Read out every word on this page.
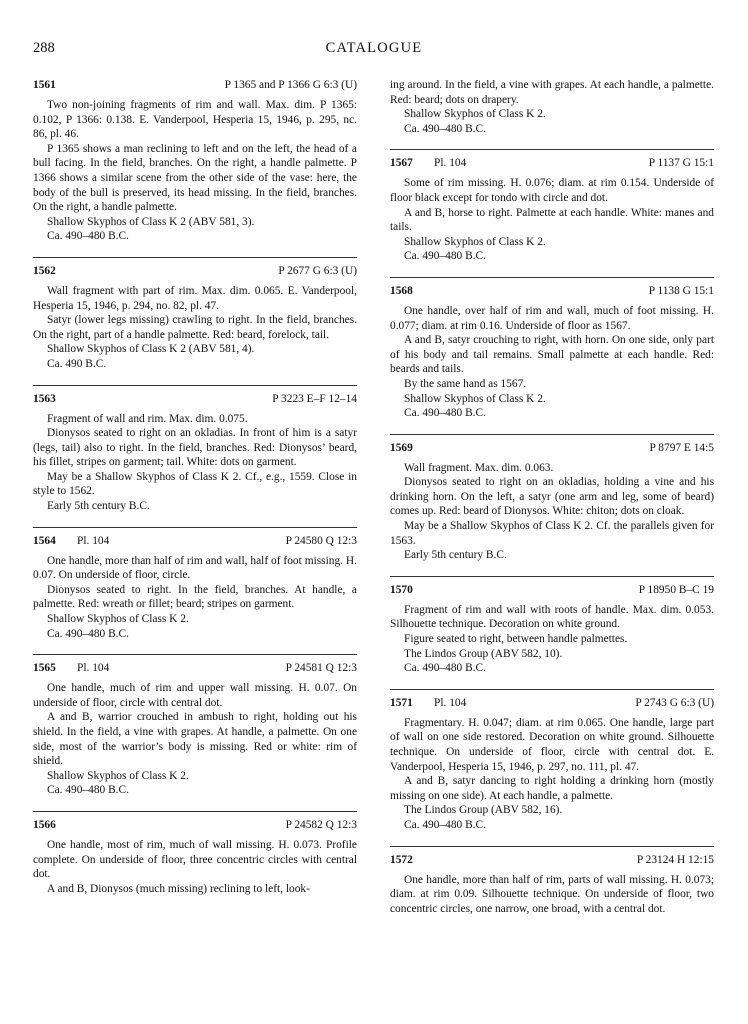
288	CATALOGUE
1561	P 1365 and P 1366 G 6:3 (U)

Two non-joining fragments of rim and wall. Max. dim. P 1365: 0.102, P 1366: 0.138. E. Vanderpool, Hesperia 15, 1946, p. 295, nc. 86, pl. 46.

P 1365 shows a man reclining to left and on the left, the head of a bull facing. In the field, branches. On the right, a handle palmette. P 1366 shows a similar scene from the other side of the vase: here, the body of the bull is preserved, its head missing. In the field, branches. On the right, a handle palmette.

Shallow Skyphos of Class K 2 (ABV 581, 3).

Ca. 490–480 B.C.

1562	P 2677 G 6:3 (U)

Wall fragment with part of rim. Max. dim. 0.065. E. Vanderpool, Hesperia 15, 1946, p. 294, no. 82, pl. 47.

Satyr (lower legs missing) crawling to right. In the field, branches. On the right, part of a handle palmette. Red: beard, forelock, tail.

Shallow Skyphos of Class K 2 (ABV 581, 4).

Ca. 490 B.C.

1563	P 3223 E–F 12–14

Fragment of wall and rim. Max. dim. 0.075.

Dionysos seated to right on an okladias. In front of him is a satyr (legs, tail) also to right. In the field, branches. Red: Dionysos’ beard, his fillet, stripes on garment; tail. White: dots on garment.

May be a Shallow Skyphos of Class K 2. Cf., e.g., 1559. Close in style to 1562.

Early 5th century B.C.

1564 Pl. 104	P 24580 Q 12:3

One handle, more than half of rim and wall, half of foot missing. H. 0.07. On underside of floor, circle.

Dionysos seated to right. In the field, branches. At handle, a palmette. Red: wreath or fillet; beard; stripes on garment.

Shallow Skyphos of Class K 2.

Ca. 490–480 B.C.

1565 Pl. 104	P 24581 Q 12:3

One handle, much of rim and upper wall missing. H. 0.07. On underside of floor, circle with central dot.

A and B, warrior crouched in ambush to right, holding out his shield. In the field, a vine with grapes. At handle, a palmette. On one side, most of the warrior’s body is missing. Red or white: rim of shield.

Shallow Skyphos of Class K 2.

Ca. 490–480 B.C.

1566	P 24582 Q 12:3

One handle, most of rim, much of wall missing. H. 0.073. Profile complete. On underside of floor, three concentric circles with central dot.

A and B, Dionysos (much missing) reclining to left, look-

ing around. In the field, a vine with grapes. At each handle, a palmette. Red: beard; dots on drapery.

Shallow Skyphos of Class K 2.

Ca. 490–480 B.C.

1567 Pl. 104	P 1137 G 15:1

Some of rim missing. H. 0.076; diam. at rim 0.154. Underside of floor black except for tondo with circle and dot.

A and B, horse to right. Palmette at each handle. White: manes and tails.

Shallow Skyphos of Class K 2.

Ca. 490–480 B.C.

1568	P 1138 G 15:1

One handle, over half of rim and wall, much of foot missing. H. 0.077; diam. at rim 0.16. Underside of floor as 1567.

A and B, satyr crouching to right, with horn. On one side, only part of his body and tail remains. Small palmette at each handle. Red: beards and tails.

By the same hand as 1567.

Shallow Skyphos of Class K 2.

Ca. 490–480 B.C.

1569	P 8797 E 14:5

Wall fragment. Max. dim. 0.063.

Dionysos seated to right on an okladias, holding a vine and his drinking horn. On the left, a satyr (one arm and leg, some of beard) comes up. Red: beard of Dionysos. White: chiton; dots on cloak.

May be a Shallow Skyphos of Class K 2. Cf. the parallels given for 1563.

Early 5th century B.C.

1570	P 18950 B–C 19

Fragment of rim and wall with roots of handle. Max. dim. 0.053. Silhouette technique. Decoration on white ground.

Figure seated to right, between handle palmettes.

The Lindos Group (ABV 582, 10).

Ca. 490–480 B.C.

1571 Pl. 104	P 2743 G 6:3 (U)

Fragmentary. H. 0.047; diam. at rim 0.065. One handle, large part of wall on one side restored. Decoration on white ground. Silhouette technique. On underside of floor, circle with central dot. E. Vanderpool, Hesperia 15, 1946, p. 297, no. 111, pl. 47.

A and B, satyr dancing to right holding a drinking horn (mostly missing on one side). At each handle, a palmette.

The Lindos Group (ABV 582, 16).

Ca. 490–480 B.C.

1572	P 23124 H 12:15

One handle, more than half of rim, parts of wall missing. H. 0.073; diam. at rim 0.09. Silhouette technique. On underside of floor, two concentric circles, one narrow, one broad, with a central dot.
